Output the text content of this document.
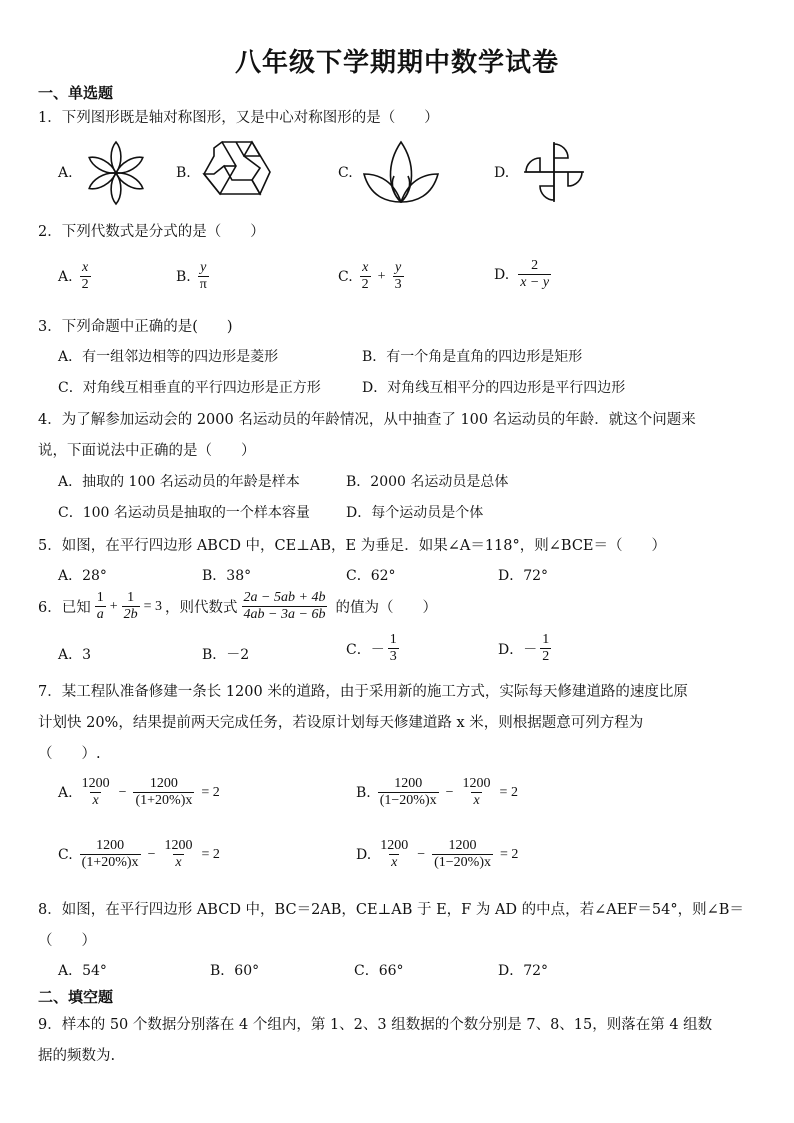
八年级下学期期中数学试卷
一、单选题
1．下列图形既是轴对称图形，又是中心对称图形的是（　　）
A.	B.	C.	D.
2．下列代数式是分式的是（　　）
A. $\frac{x}{2}$	B. $\frac{y}{\pi}$	C. $\frac{x}{2} + \frac{y}{3}$	D. $\frac{2}{x - y}$
3．下列命题中正确的是(　　)
A．有一组邻边相等的四边形是菱形	B．有一个角是直角的四边形是矩形
C．对角线互相垂直的平行四边形是正方形	D．对角线互相平分的四边形是平行四边形
4．为了解参加运动会的 2000 名运动员的年龄情况，从中抽查了 100 名运动员的年龄．就这个问题来
说，下面说法中正确的是（　　）
A．抽取的 100 名运动员的年龄是样本	B．2000 名运动员是总体
C．100 名运动员是抽取的一个样本容量	D．每个运动员是个体
5．如图，在平行四边形 ABCD 中，CE⊥AB，E 为垂足．如果∠A＝118°，则∠BCE＝（　　）
A．28°	B．38°	C．62°	D．72°
6．已知 $\frac{1}{a} + \frac{1}{2b} = 3$ ，则代数式 $\frac{2a - 5ab + 4b}{4ab - 3a - 6b}$ 的值为（　　）
A．3	B．－2	C．－ $\frac{1}{3}$	D．－ $\frac{1}{2}$
7．某工程队准备修建一条长 1200 米的道路，由于采用新的施工方式，实际每天修建道路的速度比原
计划快 20%，结果提前两天完成任务，若设原计划每天修建道路 x 米，则根据题意可列方程为
（　　）.
A. $\frac{1200}{x} - \frac{1200}{(1+20\%)x} = 2$	B. $\frac{1200}{(1-20\%)x} - \frac{1200}{x} = 2$
C. $\frac{1200}{(1+20\%)x} - \frac{1200}{x} = 2$	D. $\frac{1200}{x} - \frac{1200}{(1-20\%)x} = 2$
8．如图，在平行四边形 ABCD 中，BC＝2AB，CE⊥AB 于 E，F 为 AD 的中点，若∠AEF＝54°，则∠B＝
（　　）
A．54°	B．60°	C．66°	D．72°
二、填空题
9．样本的 50 个数据分别落在 4 个组内，第 1、2、3 组数据的个数分别是 7、8、15，则落在第 4 组数
据的频数为.
